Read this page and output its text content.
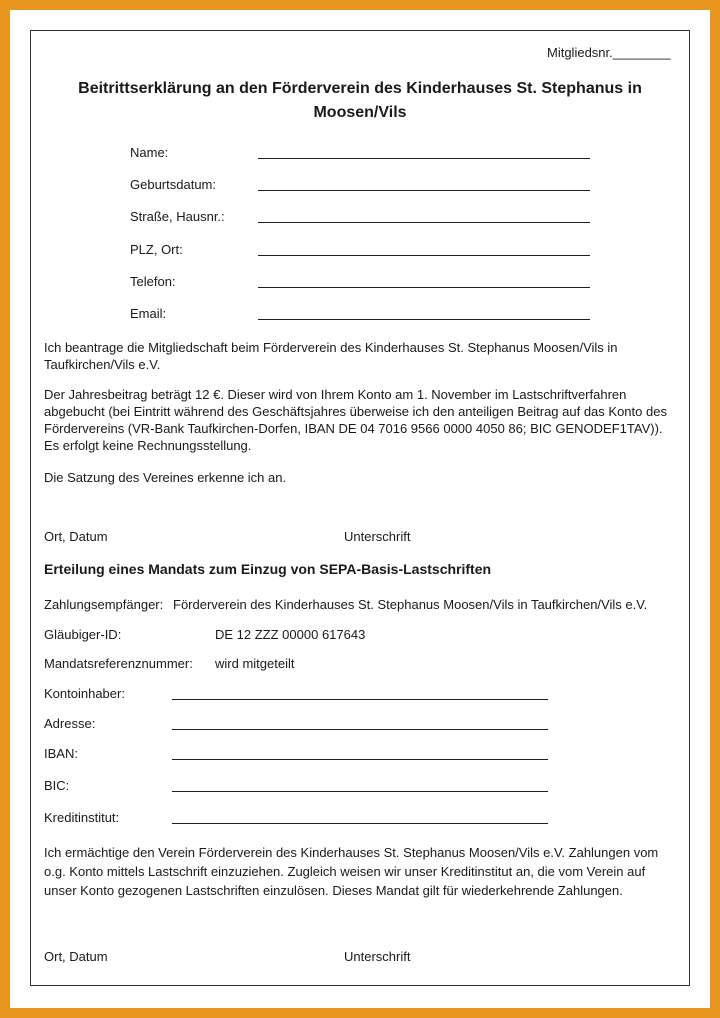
Mitgliedsnr.________
Beitrittserklärung an den Förderverein des Kinderhauses St. Stephanus in
Moosen/Vils
Name:
Geburtsdatum:
Straße, Hausnr.:
PLZ, Ort:
Telefon:
Email:
Ich beantrage die Mitgliedschaft beim Förderverein des Kinderhauses St. Stephanus Moosen/Vils in Taufkirchen/Vils e.V.
Der Jahresbeitrag beträgt 12 €. Dieser wird von Ihrem Konto am 1. November im Lastschriftverfahren abgebucht (bei Eintritt während des Geschäftsjahres überweise ich den anteiligen Beitrag auf das Konto des Fördervereins (VR-Bank Taufkirchen-Dorfen, IBAN DE 04 7016 9566 0000 4050 86; BIC GENODEF1TAV)). Es erfolgt keine Rechnungsstellung.
Die Satzung des Vereines erkenne ich an.
Ort, Datum	Unterschrift
Erteilung eines Mandats zum Einzug von SEPA-Basis-Lastschriften
Zahlungsempfänger: Förderverein des Kinderhauses St. Stephanus Moosen/Vils in Taufkirchen/Vils e.V.
Gläubiger-ID:	DE 12 ZZZ 00000 617643
Mandatsreferenznummer: wird mitgeteilt
Kontoinhaber:
Adresse:
IBAN:
BIC:
Kreditinstitut:
Ich ermächtige den Verein Förderverein des Kinderhauses St. Stephanus Moosen/Vils e.V. Zahlungen vom o.g. Konto mittels Lastschrift einzuziehen. Zugleich weisen wir unser Kreditinstitut an, die vom Verein auf unser Konto gezogenen Lastschriften einzulösen. Dieses Mandat gilt für wiederkehrende Zahlungen.
Ort, Datum	Unterschrift
